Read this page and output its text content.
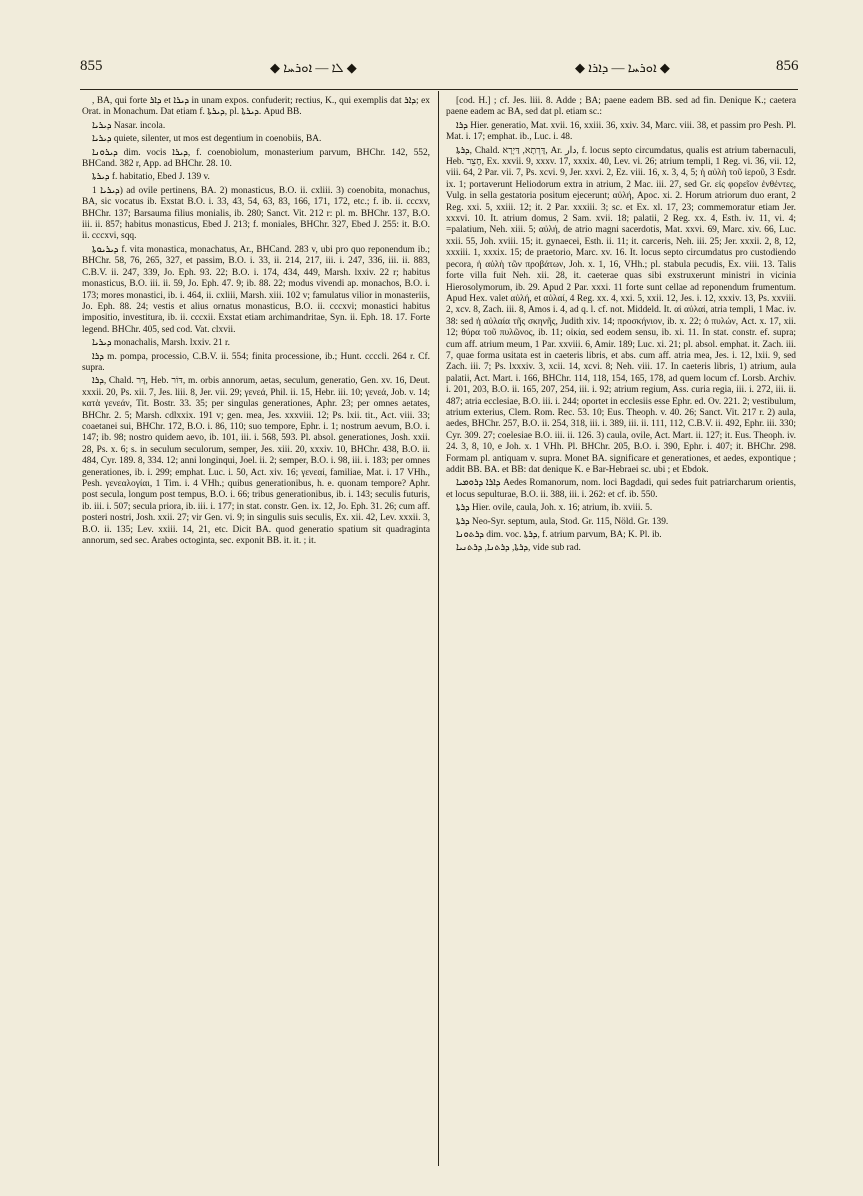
855	◆ ܠܐ — ܐܘܪܚܐ ◆	◆ ܐܘܪܚܐ — ܕܐܪܐ ◆	856

, BA, qui forte ܕܐܪ et ܕܝܪܐ in unam expos. confuderit; rectius, K., qui exemplis dat ܕܐܪ; ex Orat. in Monachum. Dat etiam f. ܕܝܪܬܐ, pl. ܕܝܪܬܐ. Apud BB.

ܕܝܪܝܐ Nasar. incola.

ܕܝܪܝܐ quiete, silenter, ut mos est degentium in coenobiis, BA.

ܕܝܪܘܢܐ dim. vocis ܕܝܪܐ, f. coenobiolum, monasterium parvum, BHChr. 142, 552, BHCand. 382 r, App. ad BHChr. 28. 10.

ܕܝܪܬܐ f. habitatio, Ebed J. 139 v.

ܕܝܪܝܐ 1) ad ovile pertinens, BA. 2) monasticus, B.O. ii. cxliii. 3) coenobita, monachus, BA, sic vocatus ib. Exstat B.O. i. 33, 43, 54, 63, 83, 166, 171, 172, etc.; f. ib. ii. cccxv, BHChr. 137; Barsauma filius monialis, ib. 280; Sanct. Vit. 212 r: pl. m. BHChr. 137, B.O. iii. ii. 857; habitus monasticus, Ebed J. 213; f. moniales, BHChr. 327, Ebed J. 255: it. B.O. ii. cccxvi, sqq.

ܕܝܪܝܘܬܐ f. vita monastica, monachatus, Ar., BHCand. 283 v, ubi pro quo reponendum ib.; BHChr. 58, 76, 265, 327, et passim, B.O. i. 33, ii. 214, 217, iii. i. 247, 336, iii. ii. 883, C.B.V. ii. 247, 339, Jo. Eph. 93. 22; B.O. i. 174, 434, 449, Marsh. lxxiv. 22 r; habitus monasticus, B.O. iii. ii. 59, Jo. Eph. 47. 9; ib. 88. 22; modus vivendi ap. monachos, B.O. i. 173; mores monastici, ib. i. 464, ii. cxliii, Marsh. xiii. 102 v; famulatus vilior in monasteriis, Jo. Eph. 88. 24; vestis et alius ornatus monasticus, B.O. ii. cccxvi; monastici habitus impositio, investitura, ib. ii. cccxii. Exstat etiam archimandritae, Syn. ii. Eph. 18. 17. Forte legend. BHChr. 405, sed cod. Vat. clxvii.

ܕܝܪܝܐ monachalis, Marsh. lxxiv. 21 r.

ܕܪܐ m. pompa, processio, C.B.V. ii. 554; finita processione, ib.; Hunt. ccccli. 264 r. Cf. supra.

ܕܪܐ, Chald. דָּר, Heb. דּוֹר, m. orbis annorum, aetas, seculum, generatio, Gen. xv. 16, Deut. xxxii. 20, Ps. xii. 7, Jes. liii. 8, Jer. vii. 29; γενεά, Phil. ii. 15, Hebr. iii. 10; γενεά, Job. v. 14; κατὰ γενεάν, Tit. Bostr. 33. 35; per singulas generationes, Aphr. 23; per omnes aetates, BHChr. 2. 5; Marsh. cdlxxix. 191 v; gen. mea, Jes. xxxviii. 12; Ps. lxii. tit., Act. viii. 33; coaetanei sui, BHChr. 172, B.O. i. 86, 110; suo tempore, Ephr. i. 1; nostrum aevum, B.O. i. 147; ib. 98; nostro quidem aevo, ib. 101, iii. i. 568, 593. Pl. absol. generationes, Josh. xxii. 28, Ps. x. 6; s. in seculum seculorum, semper, Jes. xiii. 20, xxxiv. 10, BHChr. 438, B.O. ii. 484, Cyr. 189. 8, 334. 12; anni longinqui, Joel. ii. 2; semper, B.O. i. 98, iii. i. 183; per omnes generationes, ib. i. 299; emphat. Luc. i. 50, Act. xiv. 16; γενεαί, familiae, Mat. i. 17 VHh., Pesh. γενεαλογίαι, 1 Tim. i. 4 VHh.; quibus generationibus, h. e. quonam tempore? Aphr. post secula, longum post tempus, B.O. i. 66; tribus generationibus, ib. i. 143; seculis futuris, ib. iii. i. 507; secula priora, ib. iii. i. 177; in stat. constr. Gen. ix. 12, Jo. Eph. 31. 26; cum aff. posteri nostri, Josh. xxii. 27; vir Gen. vi. 9; in singulis suis seculis, Ex. xii. 42, Lev. xxxii. 3, B.O. ii. 135; Lev. xxiii. 14, 21, etc. Dicit BA. quod generatio spatium sit quadraginta annorum, sed sec. Arabes octoginta, sec. exponit BB. it. it. ; it.

[cod. H.] ; cf. Jes. liii. 8. Adde ; BA; paene eadem BB. sed ad fin. Denique K.; caetera paene eadem ac BA, sed dat pl. etiam sc.:

ܕܪܐ Hier. generatio, Mat. xvii. 16, xxiii. 36, xxiv. 34, Marc. viii. 38, et passim pro Pesh. Pl. Mat. i. 17; emphat. ib., Luc. i. 48.

ܕܪܬܐ, Chald. דָּרְתָא, דַּיְרָא, Ar. دار, f. locus septo circumdatus, qualis est atrium tabernaculi, Heb. חָצֵר, Ex. xxvii. 9, xxxv. 17, xxxix. 40, Lev. vi. 26; atrium templi, 1 Reg. vi. 36, vii. 12, viii. 64, 2 Par. vii. 7, Ps. xcvi. 9, Jer. xxvi. 2, Ez. viii. 16, x. 3, 4, 5; ἡ αὐλὴ τοῦ ἱεροῦ, 3 Esdr. ix. 1; portaverunt Heliodorum extra in atrium, 2 Mac. iii. 27, sed Gr. εἰς φορεῖον ἐνθέντες, Vulg. in sella gestatoria positum ejecerunt; αὐλή, Apoc. xi. 2. Horum atriorum duo erant, 2 Reg. xxi. 5, xxiii. 12; it. 2 Par. xxxiii. 3; sc. et Ex. xl. 17, 23; commemoratur etiam Jer. xxxvi. 10. It. atrium domus, 2 Sam. xvii. 18; palatii, 2 Reg. xx. 4, Esth. iv. 11, vi. 4; =palatium, Neh. xiii. 5; αὐλή, de atrio magni sacerdotis, Mat. xxvi. 69, Marc. xiv. 66, Luc. xxii. 55, Joh. xviii. 15; it. gynaecei, Esth. ii. 11; it. carceris, Neh. iii. 25; Jer. xxxii. 2, 8, 12, xxxiii. 1, xxxix. 15; de praetorio, Marc. xv. 16. It. locus septo circumdatus pro custodiendo pecora, ἡ αὐλὴ τῶν προβάτων, Joh. x. 1, 16, VHh.; pl. stabula pecudis, Ex. viii. 13. Talis forte villa fuit Neh. xii. 28, it. caeterae quas sibi exstruxerunt ministri in vicinia Hierosolymorum, ib. 29. Apud 2 Par. xxxi. 11 forte sunt cellae ad reponendum frumentum. Apud Hex. valet αὐλή, et αὐλαί, 4 Reg. xx. 4, xxi. 5, xxii. 12, Jes. i. 12, xxxiv. 13, Ps. xxviii. 2, xcv. 8, Zach. iii. 8, Amos i. 4, ad q. l. cf. not. Middeld. It. αἱ αὐλαί, atria templi, 1 Mac. iv. 38: sed ἡ αὐλαία τῆς σκηνῆς, Judith xiv. 14; προσκήνιον, ib. x. 22; ὁ πυλών, Act. x. 17, xii. 12; θύρα τοῦ πυλῶνος, ib. 11; οἰκία, sed eodem sensu, ib. xi. 11. In stat. constr. ef. supra; cum aff. atrium meum, 1 Par. xxviii. 6, Amir. 189; Luc. xi. 21; pl. absol. emphat. it. Zach. iii. 7, quae forma usitata est in caeteris libris, et abs. cum aff. atria mea, Jes. i. 12, lxii. 9, sed Zach. iii. 7; Ps. lxxxiv. 3, xcii. 14, xcvi. 8; Neh. viii. 17. In caeteris libris, 1) atrium, aula palatii, Act. Mart. i. 166, BHChr. 114, 118, 154, 165, 178, ad quem locum cf. Lorsb. Archiv. i. 201, 203, B.O. ii. 165, 207, 254, iii. i. 92; atrium regium, Ass. curia regia, iii. i. 272, iii. ii. 487; atria ecclesiae, B.O. iii. i. 244; oportet in ecclesiis esse Ephr. ed. Ov. 221. 2; vestibulum, atrium exterius, Clem. Rom. Rec. 53. 10; Eus. Theoph. v. 40. 26; Sanct. Vit. 217 r. 2) aula, aedes, BHChr. 257, B.O. ii. 254, 318, iii. i. 389, iii. ii. 111, 112, C.B.V. ii. 492, Ephr. iii. 330; Cyr. 309. 27; coelesiae B.O. iii. ii. 126. 3) caula, ovile, Act. Mart. ii. 127; it. Eus. Theoph. iv. 24. 3, 8, 10, e Joh. x. 1 VHh. Pl. BHChr. 205, B.O. i. 390, Ephr. i. 407; it. BHChr. 298. Formam pl. antiquam v. supra. Monet BA. significare et generationes, et aedes, expontique ; addit BB. BA. et BB: dat denique K. e Bar-Hebraei sc. ubi ; et Ebdok.

ܕܐܪܐ ܕܪܘܡܝܐ Aedes Romanorum, nom. loci Bagdadi, qui sedes fuit patriarcharum orientis, et locus sepulturae, B.O. ii. 388, iii. i. 262: et cf. ib. 550.

ܕܪܬܐ Hier. ovile, caula, Joh. x. 16; atrium, ib. xviii. 5.

ܕܪܬܐ Neo-Syr. septum, aula, Stod. Gr. 115, Nöld. Gr. 139.

ܕܪܬܘܢܐ dim. voc. ܕܪܬܐ, f. atrium parvum, BA; K. Pl. ib.

ܕܪܬܐ, ܕܪܬܢܐ, ܕܪܬܢܝܐ, vide sub rad.
